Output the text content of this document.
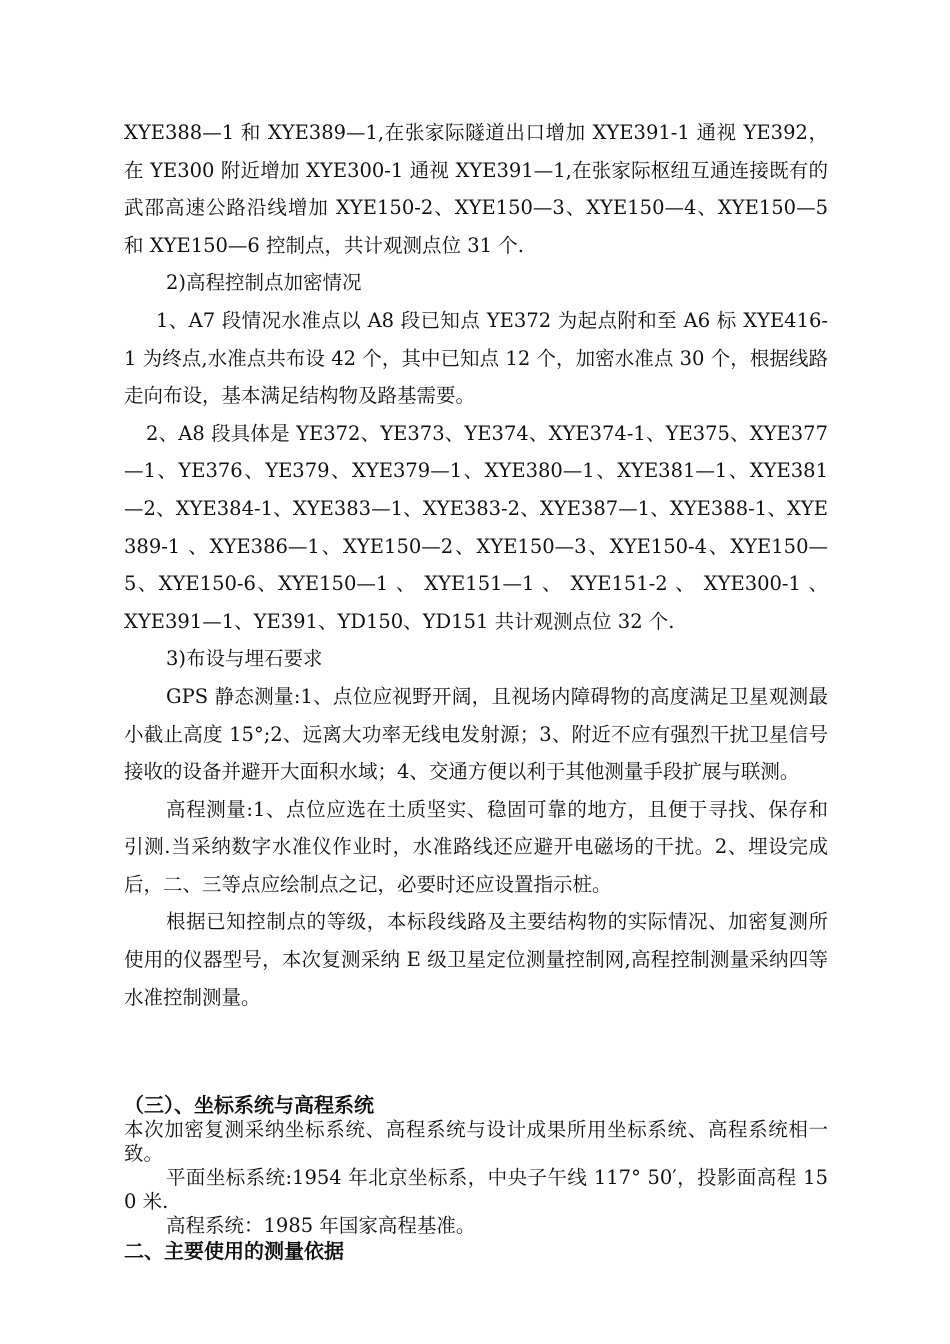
XYE388—1 和 XYE389—1,在张家际隧道出口增加 XYE391-1 通视 YE392，在 YE300 附近增加 XYE300-1 通视 XYE391—1,在张家际枢纽互通连接既有的武邵高速公路沿线增加 XYE150-2、XYE150—3、XYE150—4、XYE150—5 和 XYE150—6 控制点，共计观测点位 31 个.

2)高程控制点加密情况

1、A7 段情况水准点以 A8 段已知点 YE372 为起点附和至 A6 标 XYE416-1 为终点,水准点共布设 42 个，其中已知点 12 个，加密水准点 30 个，根据线路走向布设，基本满足结构物及路基需要。

2、A8 段具体是 YE372、YE373、YE374、XYE374-1、YE375、XYE377—1、YE376、YE379、XYE379—1、XYE380—1、XYE381—1、XYE381—2、XYE384-1、XYE383—1、XYE383-2、XYE387—1、XYE388-1、XYE389-1 、XYE386—1、XYE150—2、XYE150—3、XYE150-4、XYE150—5、XYE150-6、XYE150—1 、 XYE151—1 、 XYE151-2 、 XYE300-1 、 XYE391—1、YE391、YD150、YD151 共计观测点位 32 个.

3)布设与埋石要求

GPS 静态测量:1、点位应视野开阔，且视场内障碍物的高度满足卫星观测最小截止高度 15°;2、远离大功率无线电发射源；3、附近不应有强烈干扰卫星信号接收的设备并避开大面积水域；4、交通方便以利于其他测量手段扩展与联测。

高程测量:1、点位应选在土质坚实、稳固可靠的地方，且便于寻找、保存和引测.当采纳数字水准仪作业时，水准路线还应避开电磁场的干扰。2、埋设完成后，二、三等点应绘制点之记，必要时还应设置指示桩。

根据已知控制点的等级，本标段线路及主要结构物的实际情况、加密复测所使用的仪器型号，本次复测采纳 E 级卫星定位测量控制网,高程控制测量采纳四等水准控制测量。

（三）、坐标系统与高程系统

本次加密复测采纳坐标系统、高程系统与设计成果所用坐标系统、高程系统相一致。

平面坐标系统:1954 年北京坐标系，中央子午线 117° 50′，投影面高程 150 米.

高程系统：1985 年国家高程基准。

二、主要使用的测量依据
